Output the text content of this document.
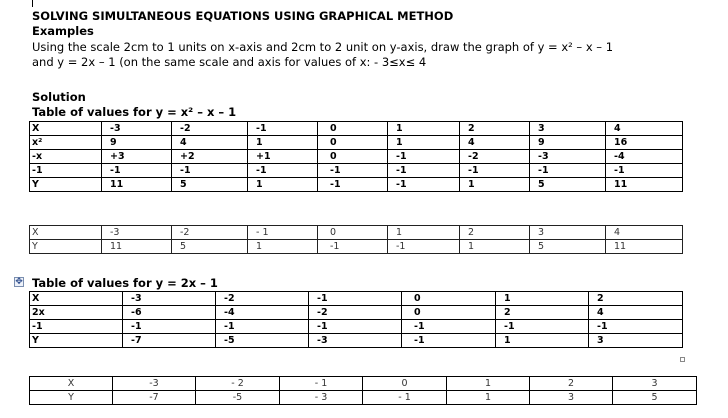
SOLVING SIMULTANEOUS EQUATIONS USING GRAPHICAL METHOD
Examples
Using the scale 2cm to 1 units on x-axis and 2cm to 2 unit on y-axis, draw the graph of y = x² – x – 1
and y = 2x – 1 (on the same scale and axis for values of x: - 3≤x≤ 4
Solution
Table of values for y = x² – x – 1
X	-3	-2	-1	0	1	2	3	4
x²	9	4	1	0	1	4	9	16
-x	+3	+2	+1	0	-1	-2	-3	-4
-1	-1	-1	-1	-1	-1	-1	-1	-1
Y	11	5	1	-1	-1	1	5	11
X	-3	-2	- 1	0	1	2	3	4
Y	11	5	1	-1	-1	1	5	11
✥ Table of values for y = 2x – 1
X	-3	-2	-1	0	1	2
2x	-6	-4	-2	0	2	4
-1	-1	-1	-1	-1	-1	-1
Y	-7	-5	-3	-1	1	3
X	-3	- 2	- 1	0	1	2	3
Y	-7	-5	- 3	- 1	1	3	5
